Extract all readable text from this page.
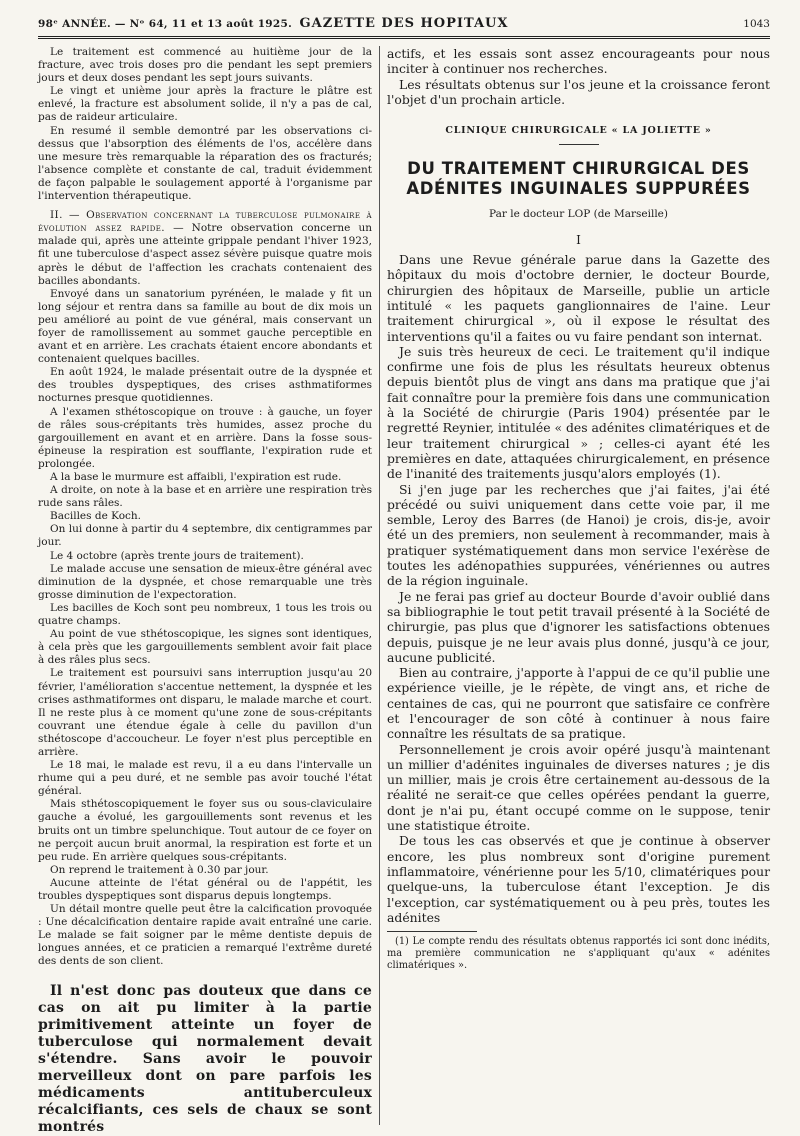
98ᵉ ANNÉE. — Nᵒ 64, 11 et 13 août 1925. GAZETTE DES HOPITAUX	1043

Le traitement est commencé au huitième jour de la fracture, avec trois doses pro die pendant les sept premiers jours et deux doses pendant les sept jours suivants.

Le vingt et unième jour après la fracture le plâtre est enlevé, la fracture est absolument solide, il n'y a pas de cal, pas de raideur articulaire.

En resumé il semble demontré par les observations ci-dessus que l'absorption des éléments de l'os, accélère dans une mesure très remarquable la réparation des os fracturés; l'absence complète et constante de cal, traduit évidemment de façon palpable le soulagement apporté à l'organisme par l'intervention thérapeutique.

II. — Observation concernant la tuberculose pulmonaire à évolution assez rapide. — Notre observation concerne un malade qui, après une atteinte grippale pendant l'hiver 1923, fit une tuberculose d'aspect assez sévère puisque quatre mois après le début de l'affection les crachats contenaient des bacilles abondants.

Envoyé dans un sanatorium pyrénéen, le malade y fit un long séjour et rentra dans sa famille au bout de dix mois un peu amélioré au point de vue général, mais conservant un foyer de ramollissement au sommet gauche perceptible en avant et en arrière. Les crachats étaient encore abondants et contenaient quelques bacilles.

En août 1924, le malade présentait outre de la dyspnée et des troubles dyspeptiques, des crises asthmatiformes nocturnes presque quotidiennes.

A l'examen sthétoscopique on trouve : à gauche, un foyer de râles sous-crépitants très humides, assez proche du gargouillement en avant et en arrière. Dans la fosse sous-épineuse la respiration est soufflante, l'expiration rude et prolongée.

A la base le murmure est affaibli, l'expiration est rude.

A droite, on note à la base et en arrière une respiration très rude sans râles.

Bacilles de Koch.

On lui donne à partir du 4 septembre, dix centigrammes par jour.

Le 4 octobre (après trente jours de traitement).

Le malade accuse une sensation de mieux-être général avec diminution de la dyspnée, et chose remarquable une très grosse diminution de l'expectoration.

Les bacilles de Koch sont peu nombreux, 1 tous les trois ou quatre champs.

Au point de vue sthétoscopique, les signes sont identiques, à cela près que les gargouillements semblent avoir fait place à des râles plus secs.

Le traitement est poursuivi sans interruption jusqu'au 20 février, l'amélioration s'accentue nettement, la dyspnée et les crises asthmatiformes ont disparu, le malade marche et court. Il ne reste plus à ce moment qu'une zone de sous-crépitants couvrant une étendue égale à celle du pavillon d'un sthétoscope d'accoucheur. Le foyer n'est plus perceptible en arrière.

Le 18 mai, le malade est revu, il a eu dans l'intervalle un rhume qui a peu duré, et ne semble pas avoir touché l'état général.

Mais sthétoscopiquement le foyer sus ou sous-claviculaire gauche a évolué, les gargouillements sont revenus et les bruits ont un timbre spelunchique. Tout autour de ce foyer on ne perçoit aucun bruit anormal, la respiration est forte et un peu rude. En arrière quelques sous-crépitants.

On reprend le traitement à 0.30 par jour.

Aucune atteinte de l'état général ou de l'appétit, les troubles dyspeptiques sont disparus depuis longtemps.

Un détail montre quelle peut être la calcification provoquée : Une décalcification dentaire rapide avait entraîné une carie. Le malade se fait soigner par le même dentiste depuis de longues années, et ce praticien a remarqué l'extrême dureté des dents de son client.

Il n'est donc pas douteux que dans ce cas on ait pu limiter à la partie primitivement atteinte un foyer de tuberculose qui normalement devait s'étendre. Sans avoir le pouvoir merveilleux dont on pare parfois les médicaments antituberculeux récalcifiants, ces sels de chaux se sont montrés

actifs, et les essais sont assez encourageants pour nous inciter à continuer nos recherches.

Les résultats obtenus sur l'os jeune et la croissance feront l'objet d'un prochain article.

CLINIQUE CHIRURGICALE « LA JOLIETTE »
DU TRAITEMENT CHIRURGICAL DES ADÉNITES INGUINALES SUPPURÉES
Par le docteur LOP (de Marseille)
I

Dans une Revue générale parue dans la Gazette des hôpitaux du mois d'octobre dernier, le docteur Bourde, chirurgien des hôpitaux de Marseille, publie un article intitulé « les paquets ganglionnaires de l'aine. Leur traitement chirurgical », où il expose le résultat des interventions qu'il a faites ou vu faire pendant son internat.

Je suis très heureux de ceci. Le traitement qu'il indique confirme une fois de plus les résultats heureux obtenus depuis bientôt plus de vingt ans dans ma pratique que j'ai fait connaître pour la première fois dans une communication à la Société de chirurgie (Paris 1904) présentée par le regretté Reynier, intitulée « des adénites climatériques et de leur traitement chirurgical » ; celles-ci ayant été les premières en date, attaquées chirurgicalement, en présence de l'inanité des traitements jusqu'alors employés (1).

Si j'en juge par les recherches que j'ai faites, j'ai été précédé ou suivi uniquement dans cette voie par, il me semble, Leroy des Barres (de Hanoi) je crois, dis-je, avoir été un des premiers, non seulement à recommander, mais à pratiquer systématiquement dans mon service l'exérèse de toutes les adénopathies suppurées, vénériennes ou autres de la région inguinale.

Je ne ferai pas grief au docteur Bourde d'avoir oublié dans sa bibliographie le tout petit travail présenté à la Société de chirurgie, pas plus que d'ignorer les satisfactions obtenues depuis, puisque je ne leur avais plus donné, jusqu'à ce jour, aucune publicité.

Bien au contraire, j'apporte à l'appui de ce qu'il publie une expérience vieille, je le répète, de vingt ans, et riche de centaines de cas, qui ne pourront que satisfaire ce confrère et l'encourager de son côté à continuer à nous faire connaître les résultats de sa pratique.

Personnellement je crois avoir opéré jusqu'à maintenant un millier d'adénites inguinales de diverses natures ; je dis un millier, mais je crois être certainement au-dessous de la réalité ne serait-ce que celles opérées pendant la guerre, dont je n'ai pu, étant occupé comme on le suppose, tenir une statistique étroite.

De tous les cas observés et que je continue à observer encore, les plus nombreux sont d'origine purement inflammatoire, vénérienne pour les 5/10, climatériques pour quelque-uns, la tuberculose étant l'exception. Je dis l'exception, car systématiquement ou à peu près, toutes les adénites

(1) Le compte rendu des résultats obtenus rapportés ici sont donc inédits, ma première communication ne s'appliquant qu'aux « adénites climatériques ».
